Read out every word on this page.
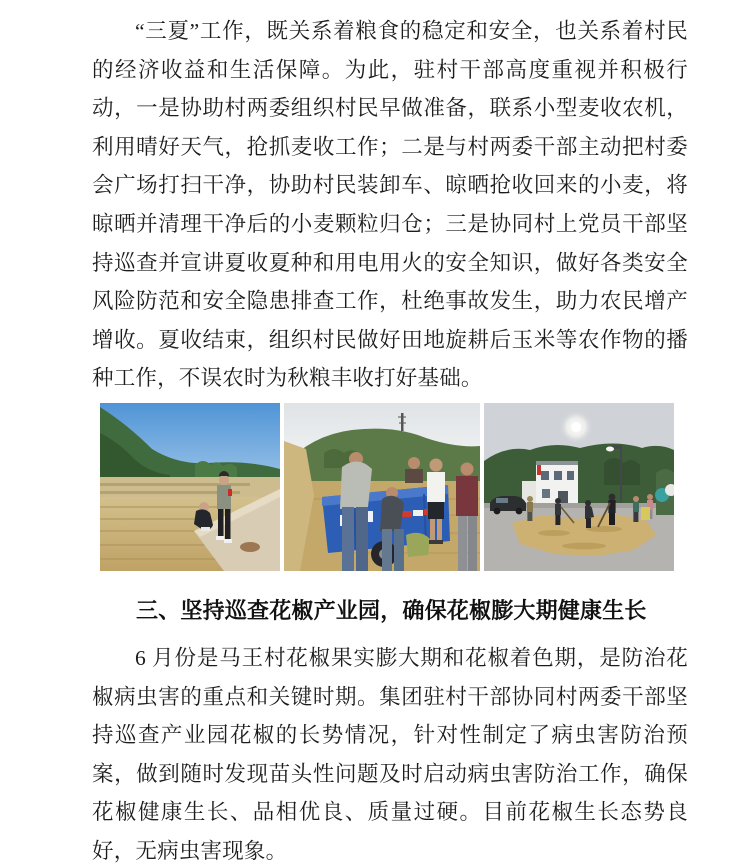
“三夏”工作，既关系着粮食的稳定和安全，也关系着村民的经济收益和生活保障。为此，驻村干部高度重视并积极行动，一是协助村两委组织村民早做准备，联系小型麦收农机，利用晴好天气，抢抓麦收工作；二是与村两委干部主动把村委会广场打扫干净，协助村民装卸车、晾晒抢收回来的小麦，将晾晒并清理干净后的小麦颗粒归仓；三是协同村上党员干部坚持巡查并宣讲夏收夏种和用电用火的安全知识，做好各类安全风险防范和安全隐患排查工作，杜绝事故发生，助力农民增产增收。夏收结束，组织村民做好田地旋耕后玉米等农作物的播种工作，不误农时为秋粮丰收打好基础。

三、坚持巡查花椒产业园，确保花椒膨大期健康生长

6 月份是马王村花椒果实膨大期和花椒着色期，是防治花椒病虫害的重点和关键时期。集团驻村干部协同村两委干部坚持巡查产业园花椒的长势情况，针对性制定了病虫害防治预案，做到随时发现苗头性问题及时启动病虫害防治工作，确保花椒健康生长、品相优良、质量过硬。目前花椒生长态势良好，无病虫害现象。
